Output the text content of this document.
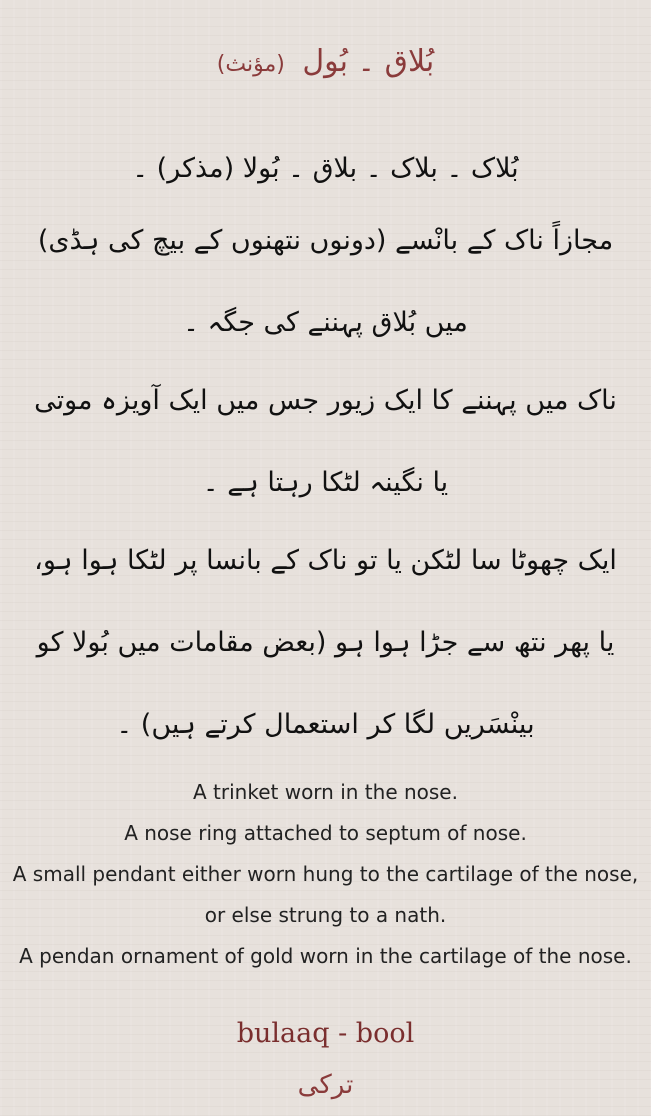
بُلاق ۔ بُول (مؤنث)
بُلاک ۔ بلاک ۔ بلاق ۔ بُولا (مذکر) ۔
مجازاً ناک کے بانْسے (دونوں نتھنوں کے بیچ کی ہڈی) میں بُلاق پہننے کی جگہ ۔
ناک میں پہننے کا ایک زیور جس میں ایک آویزہ موتی یا نگینہ لٹکا رہتا ہے ۔
ایک چھوٹا سا لٹکن یا تو ناک کے بانسا پر لٹکا ہوا ہو، یا پھر نتھ سے جڑا ہوا ہو (بعض مقامات میں بُولا کو بینْسَریں لگا کر استعمال کرتے ہیں) ۔

A trinket worn in the nose.

A nose ring attached to septum of nose.

A small pendant either worn hung to the cartilage of the nose, or else strung to a nath.

A pendan ornament of gold worn in the cartilage of the nose.

bulaaq - bool
ترکی
